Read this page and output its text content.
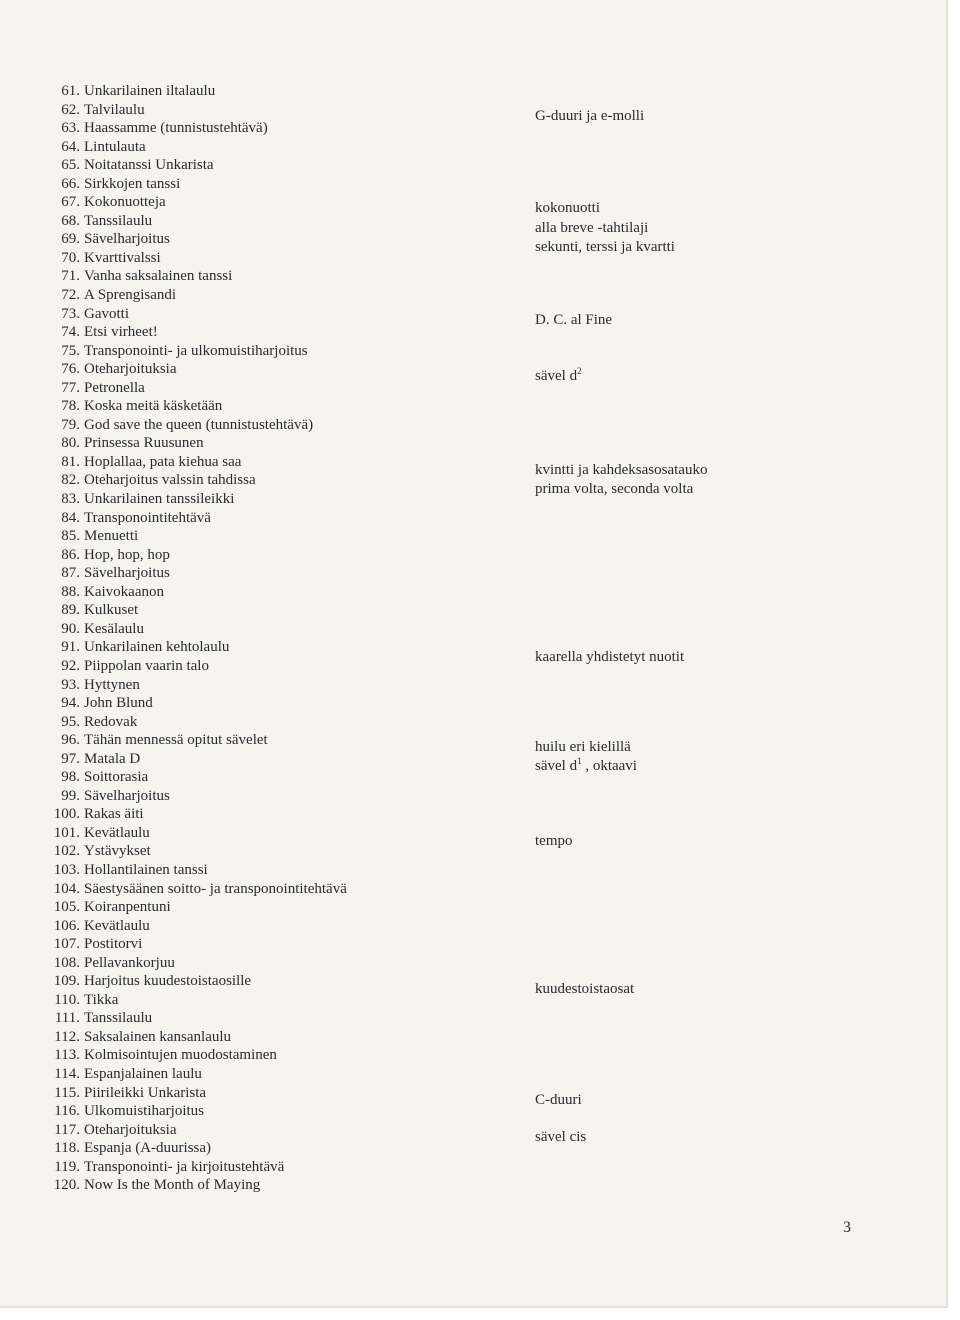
61. Unkarilainen iltalaulu
62. Talvilaulu
63. Haassamme (tunnistustehtävä)
64. Lintulauta
65. Noitatanssi Unkarista
66. Sirkkojen tanssi
67. Kokonuotteja
68. Tanssilaulu
69. Sävelharjoitus
70. Kvarttivalssi
71. Vanha saksalainen tanssi
72. A Sprengisandi
73. Gavotti
74. Etsi virheet!
75. Transponointi- ja ulkomuistiharjoitus
76. Oteharjoituksia
77. Petronella
78. Koska meitä käsketään
79. God save the queen (tunnistustehtävä)
80. Prinsessa Ruusunen
81. Hoplallaa, pata kiehua saa
82. Oteharjoitus valssin tahdissa
83. Unkarilainen tanssileikki
84. Transponointitehtävä
85. Menuetti
86. Hop, hop, hop
87. Sävelharjoitus
88. Kaivokaanon
89. Kulkuset
90. Kesälaulu
91. Unkarilainen kehtolaulu
92. Piippolan vaarin talo
93. Hyttynen
94. John Blund
95. Redovak
96. Tähän mennessä opitut sävelet
97. Matala D
98. Soittorasia
99. Sävelharjoitus
100. Rakas äiti
101. Kevätlaulu
102. Ystävykset
103. Hollantilainen tanssi
104. Säestysäänen soitto- ja transponointitehtävä
105. Koiranpentuni
106. Kevätlaulu
107. Postitorvi
108. Pellavankorjuu
109. Harjoitus kuudestoistaosille
110. Tikka
111. Tanssilaulu
112. Saksalainen kansanlaulu
113. Kolmisointujen muodostaminen
114. Espanjalainen laulu
115. Piirileikki Unkarista
116. Ulkomuistiharjoitus
117. Oteharjoituksia
118. Espanja (A-duurissa)
119. Transponointi- ja kirjoitustehtävä
120. Now Is the Month of Maying
G-duuri ja e-molli
kokonuotti
alla breve -tahtilaji
sekunti, terssi ja kvartti
D. C. al Fine
sävel $d^2$
kvintti ja kahdeksasosatauko
prima volta, seconda volta
kaarella yhdistetyt nuotit
huilu eri kielillä
sävel $d^1$ , oktaavi
tempo
kuudestoistaosat
C-duuri
sävel cis
3
